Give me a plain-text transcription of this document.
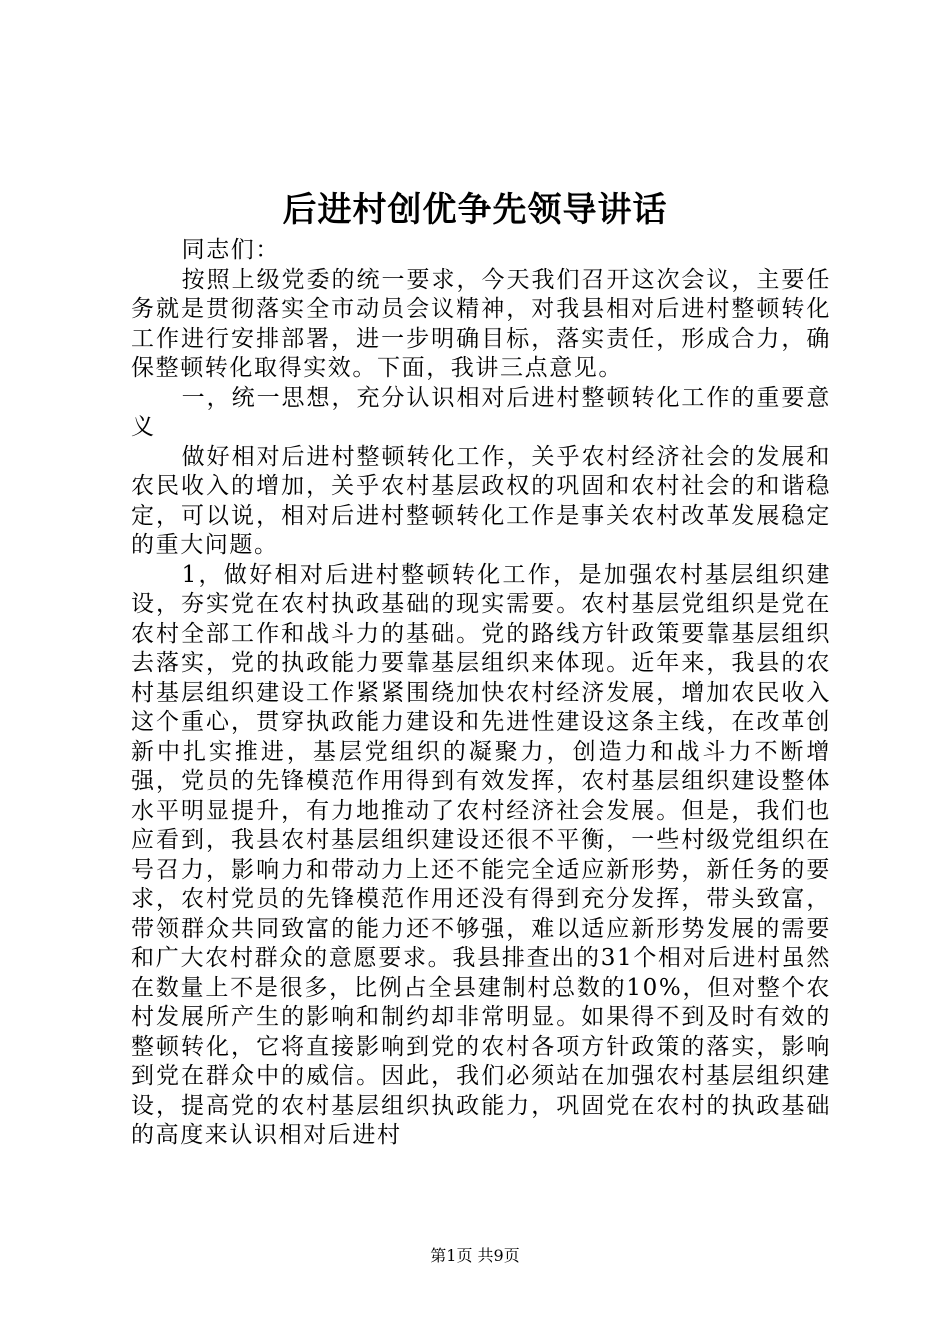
后进村创优争先领导讲话

同志们：

按照上级党委的统一要求，今天我们召开这次会议，主要任务就是贯彻落实全市动员会议精神，对我县相对后进村整顿转化工作进行安排部署，进一步明确目标，落实责任，形成合力，确保整顿转化取得实效。下面，我讲三点意见。

一，统一思想，充分认识相对后进村整顿转化工作的重要意义

做好相对后进村整顿转化工作，关乎农村经济社会的发展和农民收入的增加，关乎农村基层政权的巩固和农村社会的和谐稳定，可以说，相对后进村整顿转化工作是事关农村改革发展稳定的重大问题。

1，做好相对后进村整顿转化工作，是加强农村基层组织建设，夯实党在农村执政基础的现实需要。农村基层党组织是党在农村全部工作和战斗力的基础。党的路线方针政策要靠基层组织去落实，党的执政能力要靠基层组织来体现。近年来，我县的农村基层组织建设工作紧紧围绕加快农村经济发展，增加农民收入这个重心，贯穿执政能力建设和先进性建设这条主线，在改革创新中扎实推进，基层党组织的凝聚力，创造力和战斗力不断增强，党员的先锋模范作用得到有效发挥，农村基层组织建设整体水平明显提升，有力地推动了农村经济社会发展。但是，我们也应看到，我县农村基层组织建设还很不平衡，一些村级党组织在号召力，影响力和带动力上还不能完全适应新形势，新任务的要求，农村党员的先锋模范作用还没有得到充分发挥，带头致富，带领群众共同致富的能力还不够强，难以适应新形势发展的需要和广大农村群众的意愿要求。我县排查出的31个相对后进村虽然在数量上不是很多，比例占全县建制村总数的10%，但对整个农村发展所产生的影响和制约却非常明显。如果得不到及时有效的整顿转化，它将直接影响到党的农村各项方针政策的落实，影响到党在群众中的威信。因此，我们必须站在加强农村基层组织建设，提高党的农村基层组织执政能力，巩固党在农村的执政基础的高度来认识相对后进村

第1页 共9页
